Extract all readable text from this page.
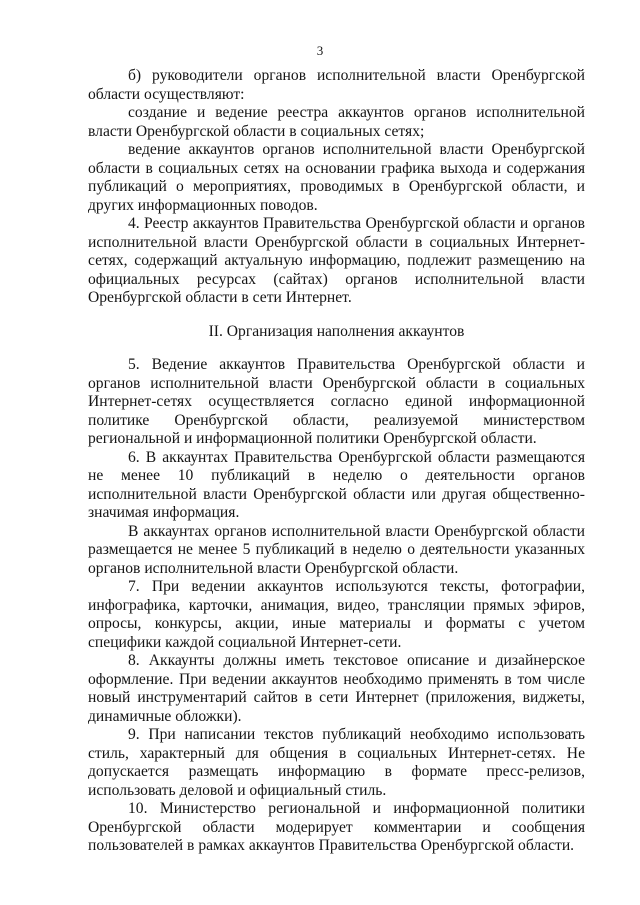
3

б) руководители органов исполнительной власти Оренбургской области осуществляют:

создание и ведение реестра аккаунтов органов исполнительной власти Оренбургской области в социальных сетях;

ведение аккаунтов органов исполнительной власти Оренбургской области в социальных сетях на основании графика выхода и содержания публикаций о мероприятиях, проводимых в Оренбургской области, и других информационных поводов.

4. Реестр аккаунтов Правительства Оренбургской области и органов исполнительной власти Оренбургской области в социальных Интернет-сетях, содержащий актуальную информацию, подлежит размещению на официальных ресурсах (сайтах) органов исполнительной власти Оренбургской области в сети Интернет.

II. Организация наполнения аккаунтов

5. Ведение аккаунтов Правительства Оренбургской области и органов исполнительной власти Оренбургской области в социальных Интернет-сетях осуществляется согласно единой информационной политике Оренбургской области, реализуемой министерством региональной и информационной политики Оренбургской области.

6. В аккаунтах Правительства Оренбургской области размещаются не менее 10 публикаций в неделю о деятельности органов исполнительной власти Оренбургской области или другая общественно-значимая информация.

В аккаунтах органов исполнительной власти Оренбургской области размещается не менее 5 публикаций в неделю о деятельности указанных органов исполнительной власти Оренбургской области.

7. При ведении аккаунтов используются тексты, фотографии, инфографика, карточки, анимация, видео, трансляции прямых эфиров, опросы, конкурсы, акции, иные материалы и форматы с учетом специфики каждой социальной Интернет-сети.

8. Аккаунты должны иметь текстовое описание и дизайнерское оформление. При ведении аккаунтов необходимо применять в том числе новый инструментарий сайтов в сети Интернет (приложения, виджеты, динамичные обложки).

9. При написании текстов публикаций необходимо использовать стиль, характерный для общения в социальных Интернет-сетях. Не допускается размещать информацию в формате пресс-релизов, использовать деловой и официальный стиль.

10. Министерство региональной и информационной политики Оренбургской области модерирует комментарии и сообщения пользователей в рамках аккаунтов Правительства Оренбургской области.
